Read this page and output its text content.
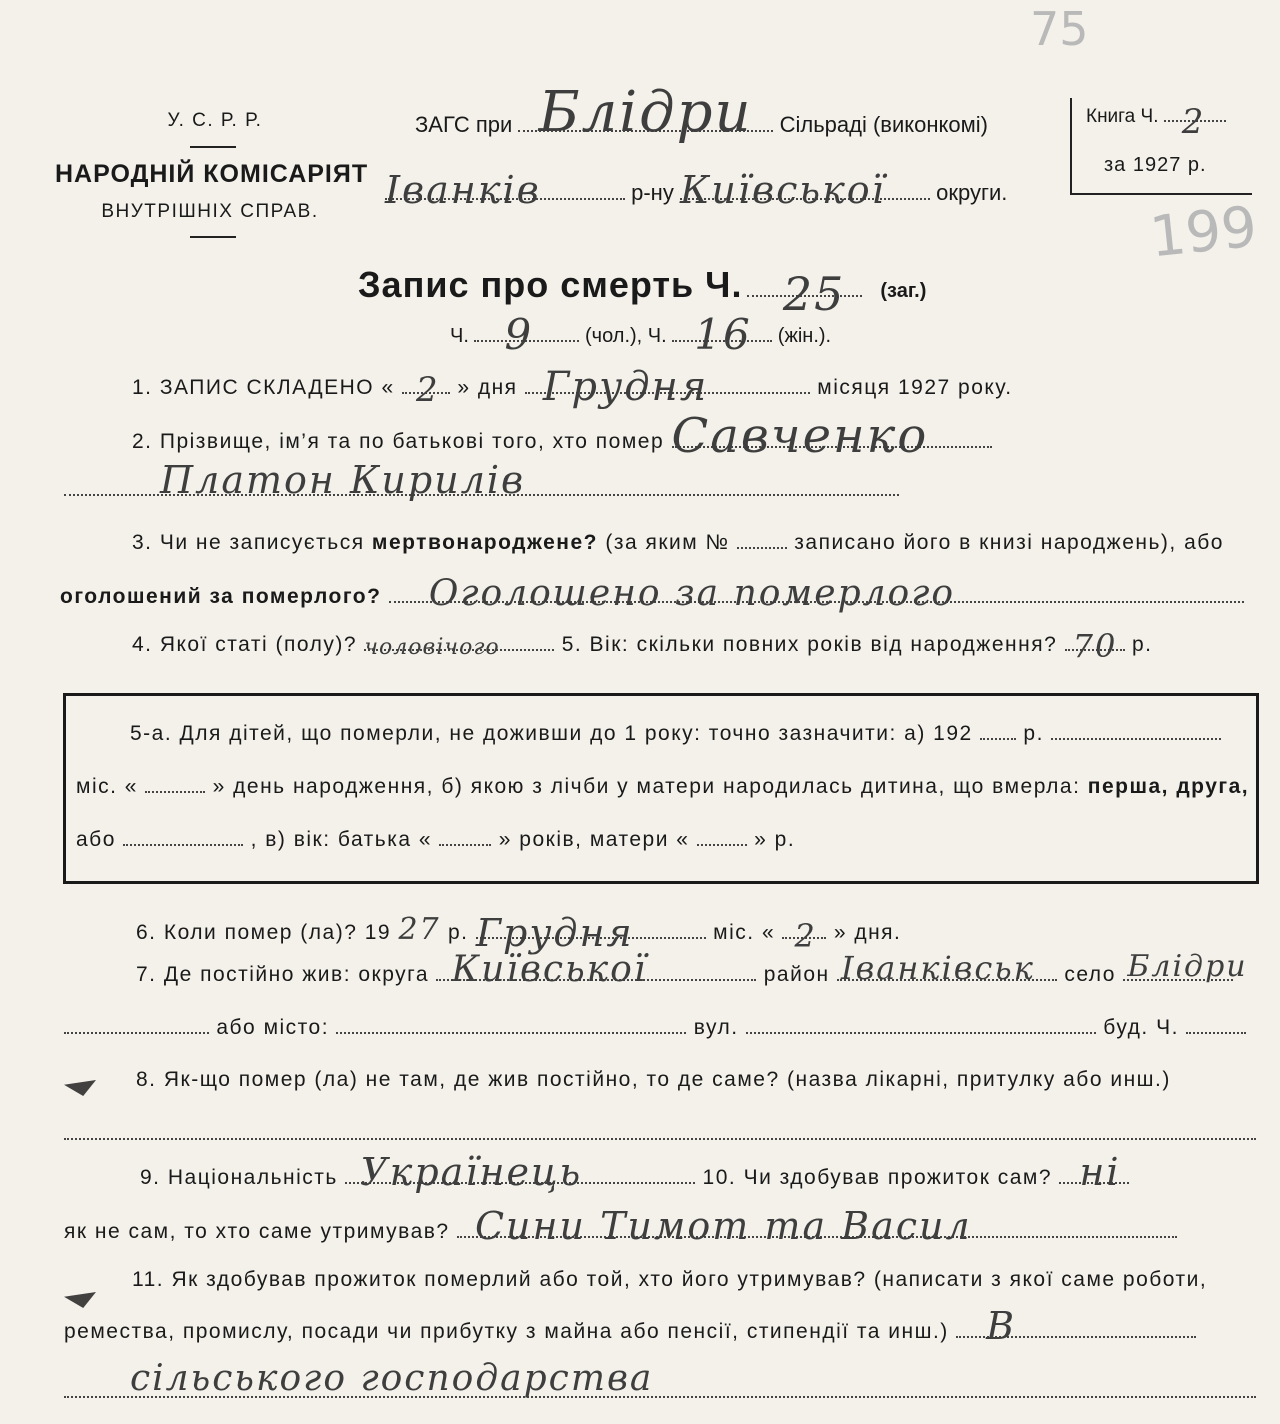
75
199
У. С. Р. Р.
НАРОДНІЙ КОМІСАРІЯТ
ВНУТРІШНІХ СПРАВ.
ЗАГС при Блідри Сільраді (виконкомі)
Іванків	р-ну Київської округи.
Книга Ч. 2
за 1927 р.
Запис про смерть Ч. 25 (заг.)
Ч. 9	(чол.), Ч. 16 (жін.).
1. ЗАПИС СКЛАДЕНО « 2 » дня Грудня	місяця 1927 року.
2. Прізвище, ім’я та по батькові того, хто помер Савченко
Платон Кирилів
3. Чи не записується мертвонароджене? (за яким №	записано його в книзі народжень), або
оголошений за померлого? Оголошено за померлого
4. Якої статі (полу)? чоловічого	5. Вік: скільки повних років від народження? 70 р.
5-а. Для дітей, що померли, не доживши до 1 року: точно зазначити: а) 192 р.
міс. «	» день народження, б) якою з лічби у матери народилась дитина, що вмерла: перша, друга,
або	, в) вік: батька «	» років, матери «	» р.
6. Коли помер (ла)? 19 27 р. Грудня	міс. « 2 » дня.
7. Де постійно жив: округа Київської	район Іванківськ село Блідри
або місто:	вул.	буд. Ч.
8. Як-що помер (ла) не там, де жив постійно, то де саме? (назва лікарні, притулку або инш.)
9. Національність Українець	10. Чи здобував прожиток сам? ні
як не сам, то хто саме утримував? Сини Тимот та Васил
11. Як здобував прожиток померлий або той, хто його утримував? (написати з якої саме роботи,
ремества, промислу, посади чи прибутку з майна або пенсії, стипендії та инш.) В
сільського господарства
